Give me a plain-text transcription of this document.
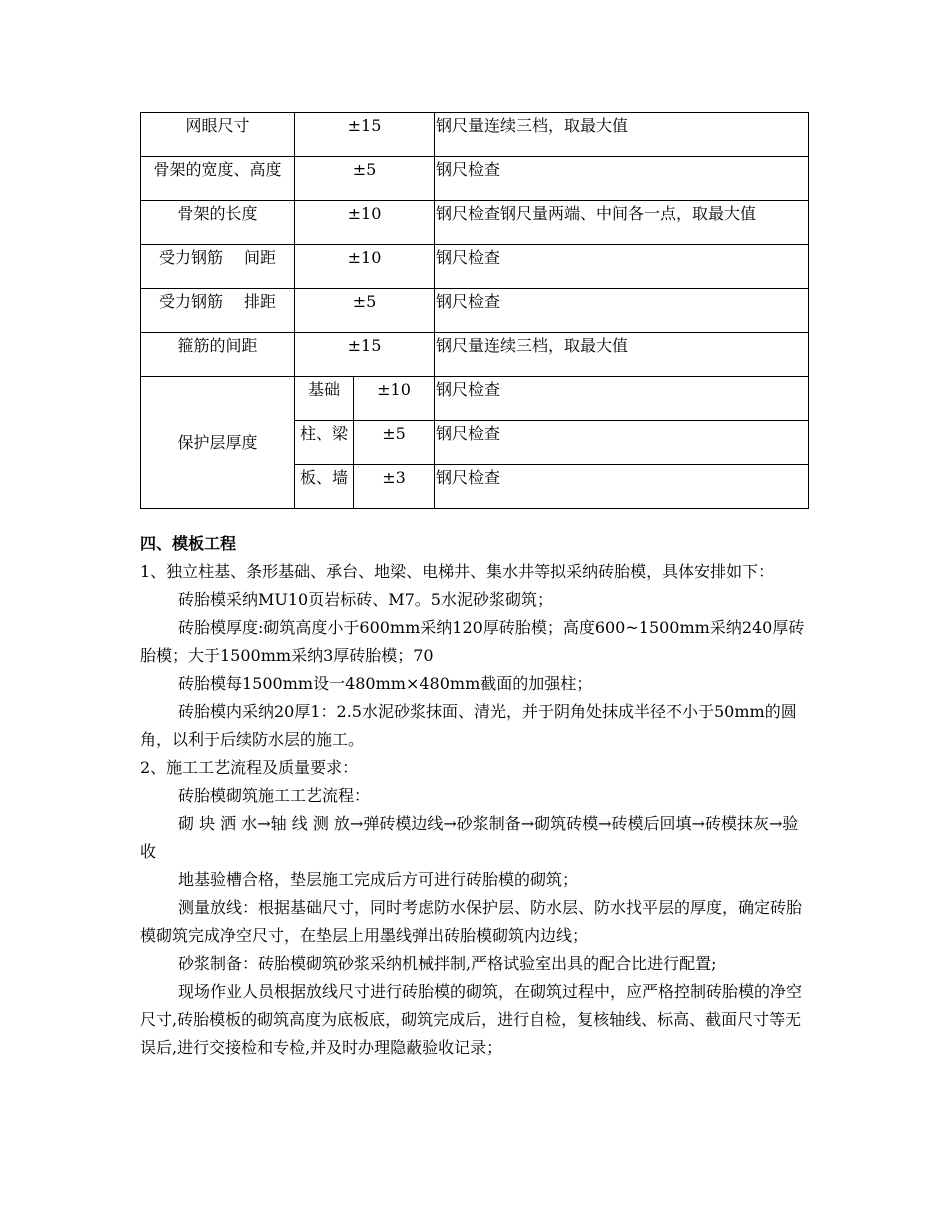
网眼尺寸	±15		钢尺量连续三档，取最大值
骨架的宽度、高度	±5		钢尺检查
骨架的长度	±10		钢尺检查钢尺量两端、中间各一点，取最大值
受力钢筋　 间距	±10		钢尺检查
受力钢筋　 排距	±5		钢尺检查
箍筋的间距	±15		钢尺量连续三档，取最大值
保护层厚度	基础	±10	钢尺检查
	柱、梁	±5	钢尺检查
	板、墙	±3	钢尺检查

四、模板工程

1、独立柱基、条形基础、承台、地梁、电梯井、集水井等拟采纳砖胎模，具体安排如下：

砖胎模采纳MU10页岩标砖、M7。5水泥砂浆砌筑；

砖胎模厚度:砌筑高度小于600mm采纳120厚砖胎模；高度600~1500mm采纳240厚砖胎模；大于1500mm采纳3厚砖胎模；70

砖胎模每1500mm设一480mm×480mm截面的加强柱；

砖胎模内采纳20厚1：2.5水泥砂浆抹面、清光，并于阴角处抹成半径不小于50mm的圆角，以利于后续防水层的施工。

2、施工工艺流程及质量要求：

砖胎模砌筑施工工艺流程：

砌 块 洒 水→轴 线 测 放→弹砖模边线→砂浆制备→砌筑砖模→砖模后回填→砖模抹灰→验 收

地基验槽合格，垫层施工完成后方可进行砖胎模的砌筑；

测量放线：根据基础尺寸，同时考虑防水保护层、防水层、防水找平层的厚度，确定砖胎模砌筑完成净空尺寸，在垫层上用墨线弹出砖胎模砌筑内边线；

砂浆制备：砖胎模砌筑砂浆采纳机械拌制,严格试验室出具的配合比进行配置;

现场作业人员根据放线尺寸进行砖胎模的砌筑，在砌筑过程中，应严格控制砖胎模的净空尺寸,砖胎模板的砌筑高度为底板底，砌筑完成后，进行自检，复核轴线、标高、截面尺寸等无误后,进行交接检和专检,并及时办理隐蔽验收记录；
